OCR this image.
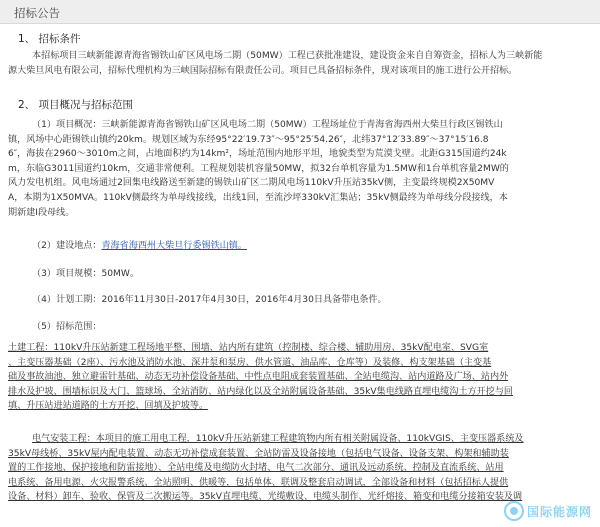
招标公告
1、 招标条件
本招标项目三峡新能源青海省锡铁山矿区风电场二期（50MW）工程已获批准建设，建设资金来自自筹资金，招标人为三峡新能
源大柴旦风电有限公司，招标代理机构为三峡国际招标有限责任公司。项目已具备招标条件，现对该项目的施工进行公开招标。
2、 项目概况与招标范围
（1）项目概况：三峡新能源青海省锡铁山矿区风电场二期（50MW）工程场址位于青海省海西州大柴旦行政区锡铁山
镇，风场中心距锡铁山镇约20km。规划区域为东经95°22′19.73″～95°25′54.26″，北纬37°12′33.89″～37°15′16.8
6″，海拔在2960～3010m之间，占地面积约为14km²，场址范围内地形平坦，地貌类型为荒漠戈壁。北距G315国道约24k
m，东临G3011国道约10km，交通非常便利。工程规划装机容量50MW，拟32台单机容量为1.5MW和1台单机容量2MW的
风力发电机组。风电场通过2回集电线路送至新建的锡铁山矿区二期风电场110kV升压站35kV侧，主变最终规模2X50MV
A，本期为1X50MVA。110kV侧最终为单母线接线，出线1回，至流沙坪330kV汇集站；35kV侧最终为单母线分段接线，本
期新建I段母线。
（2）建设地点：青海省海西州大柴旦行委锡铁山镇。
（3）项目规模：50MW。
（4）计划工期：2016年11月30日-2017年4月30日，2016年4月30日具备带电条件。
（5）招标范围：
土建工程：110kV升压站新建工程场地平整、围墙、站内所有建筑（控制楼、综合楼、辅助用房、35kV配电室、SVG室
、主变压器基础（2座）、污水池及消防水池、深井泵和泵房、供水管道、油品库、仓库等）及装修、构支架基础（主变基
础及事故油池、独立避雷针基础、动态无功补偿设备基础、中性点电阻成套装置基础、全站电缆沟、站内道路及广场、站内外
排水及护坡、围墙标识及大门、篮球场、全站消防、站内绿化以及全站附属设备基础、35kV集电线路直埋电缆沟土方开挖与回
填、升压站进站道路的土方开挖、回填及护坡等。
电气安装工程：本项目的施工用电工程，110kV升压站新建工程建筑物内所有相关附属设备、110kVGIS、主变压器系统及
35kV母线桥、35kV屋内配电装置、动态无功补偿成套装置、全站防雷及设备接地（包括电气设备、设备支架、构架和辅助装
置的工作接地、保护接地和防雷接地）、全站电缆及电缆防火封堵、电气二次部分、通讯及远动系统、控制及直流系统、站用
电系统、备用电源、火灾报警系统、全站照明、供暖等，包括单体、联调及整套启动调试，全部设备和材料（包括招标人提供
设备、材料）卸车、验收、保管及二次搬运等。35kV直埋电缆、光缆敷设、电缆头制作、光纤熔接、箱变和电缆分接箱安装及调
国际能源网
